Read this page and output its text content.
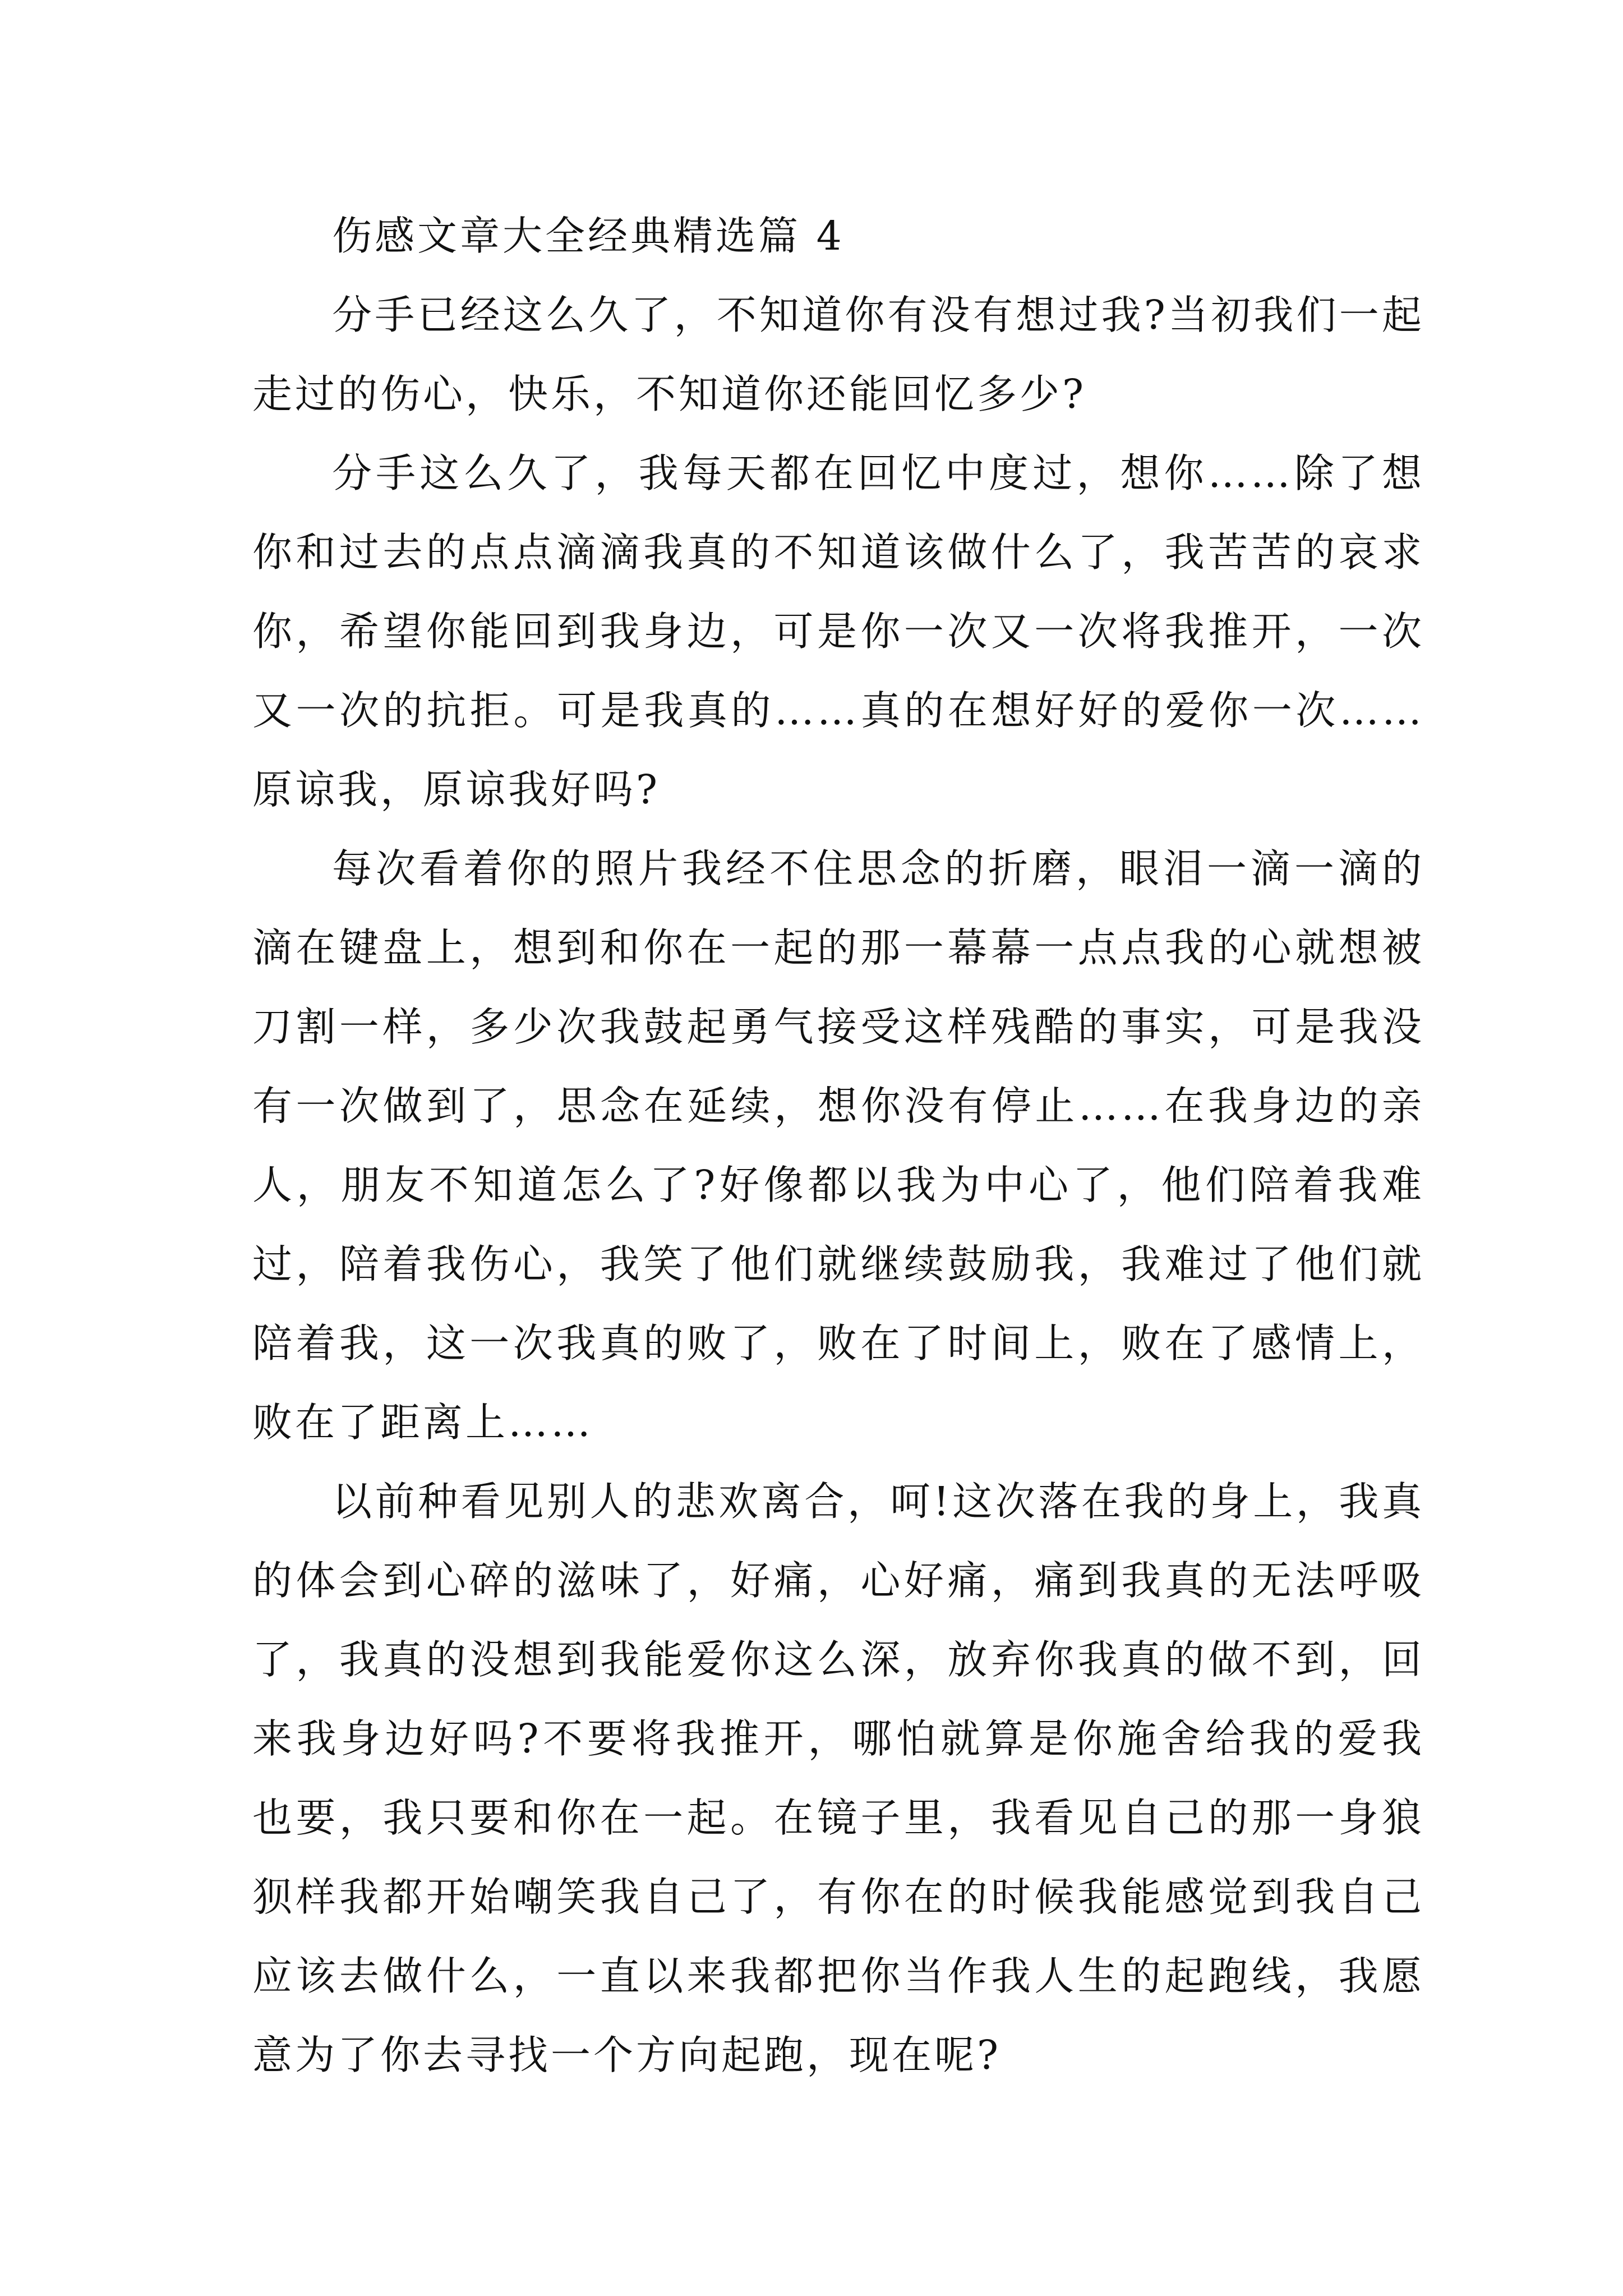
伤感文章大全经典精选篇 4

分手已经这么久了，不知道你有没有想过我?当初我们一起走过的伤心，快乐，不知道你还能回忆多少?

分手这么久了，我每天都在回忆中度过，想你……除了想你和过去的点点滴滴我真的不知道该做什么了，我苦苦的哀求你，希望你能回到我身边，可是你一次又一次将我推开，一次又一次的抗拒。可是我真的……真的在想好好的爱你一次……原谅我，原谅我好吗?

每次看着你的照片我经不住思念的折磨，眼泪一滴一滴的滴在键盘上，想到和你在一起的那一幕幕一点点我的心就想被刀割一样，多少次我鼓起勇气接受这样残酷的事实，可是我没有一次做到了，思念在延续，想你没有停止……在我身边的亲人，朋友不知道怎么了?好像都以我为中心了，他们陪着我难过，陪着我伤心，我笑了他们就继续鼓励我，我难过了他们就陪着我，这一次我真的败了，败在了时间上，败在了感情上，败在了距离上……

以前种看见别人的悲欢离合，呵!这次落在我的身上，我真的体会到心碎的滋味了，好痛，心好痛，痛到我真的无法呼吸了，我真的没想到我能爱你这么深，放弃你我真的做不到，回来我身边好吗?不要将我推开，哪怕就算是你施舍给我的爱我也要，我只要和你在一起。在镜子里，我看见自己的那一身狼狈样我都开始嘲笑我自己了，有你在的时候我能感觉到我自己应该去做什么，一直以来我都把你当作我人生的起跑线，我愿意为了你去寻找一个方向起跑，现在呢?
